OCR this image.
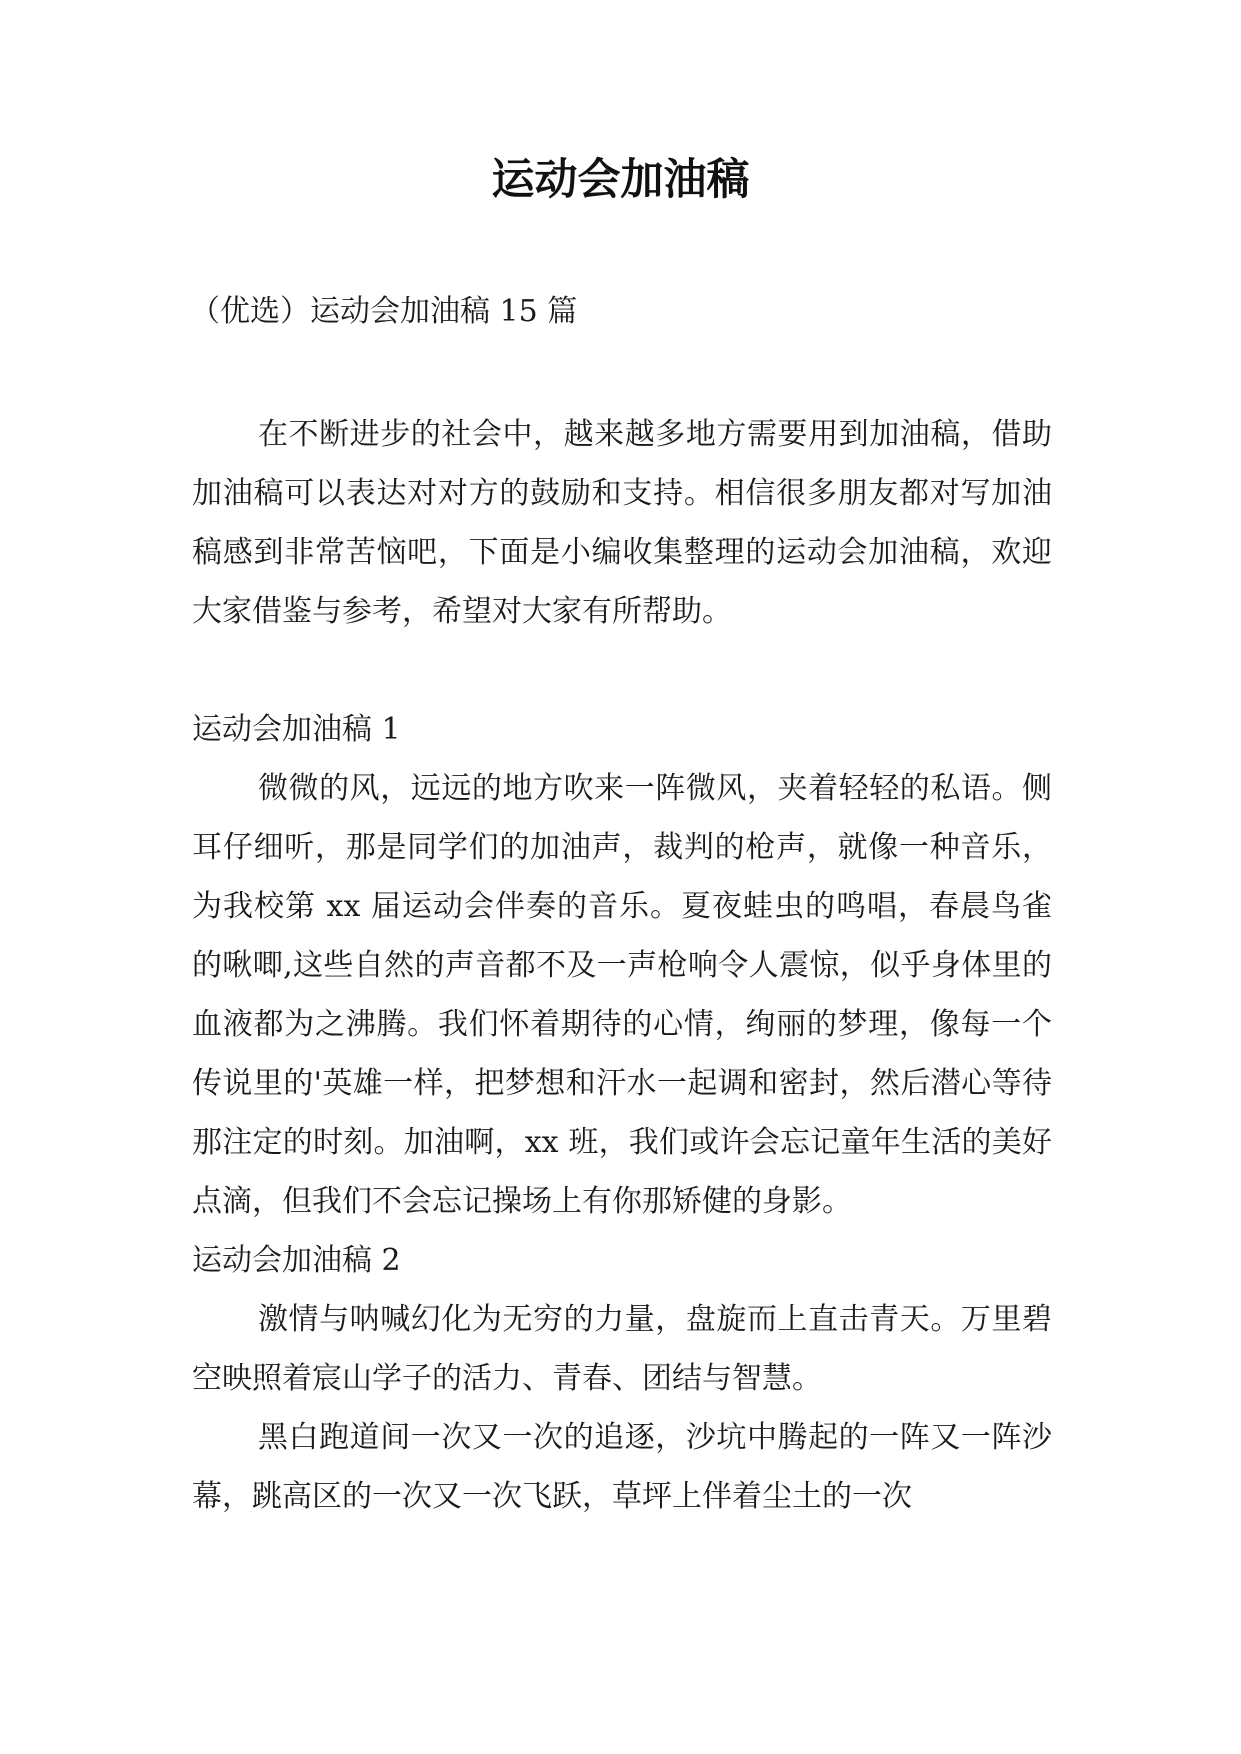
运动会加油稿

（优选）运动会加油稿 15 篇

在不断进步的社会中，越来越多地方需要用到加油稿，借助加油稿可以表达对对方的鼓励和支持。相信很多朋友都对写加油稿感到非常苦恼吧，下面是小编收集整理的运动会加油稿，欢迎大家借鉴与参考，希望对大家有所帮助。

运动会加油稿 1

微微的风，远远的地方吹来一阵微风，夹着轻轻的私语。侧耳仔细听，那是同学们的加油声，裁判的枪声，就像一种音乐，为我校第 xx 届运动会伴奏的音乐。夏夜蛙虫的鸣唱，春晨鸟雀的啾唧,这些自然的声音都不及一声枪响令人震惊，似乎身体里的血液都为之沸腾。我们怀着期待的心情，绚丽的梦理，像每一个传说里的'英雄一样，把梦想和汗水一起调和密封，然后潜心等待那注定的时刻。加油啊，xx 班，我们或许会忘记童年生活的美好点滴，但我们不会忘记操场上有你那矫健的身影。

运动会加油稿 2

激情与呐喊幻化为无穷的力量，盘旋而上直击青天。万里碧空映照着宸山学子的活力、青春、团结与智慧。

黑白跑道间一次又一次的追逐，沙坑中腾起的一阵又一阵沙幕，跳高区的一次又一次飞跃，草坪上伴着尘土的一次
